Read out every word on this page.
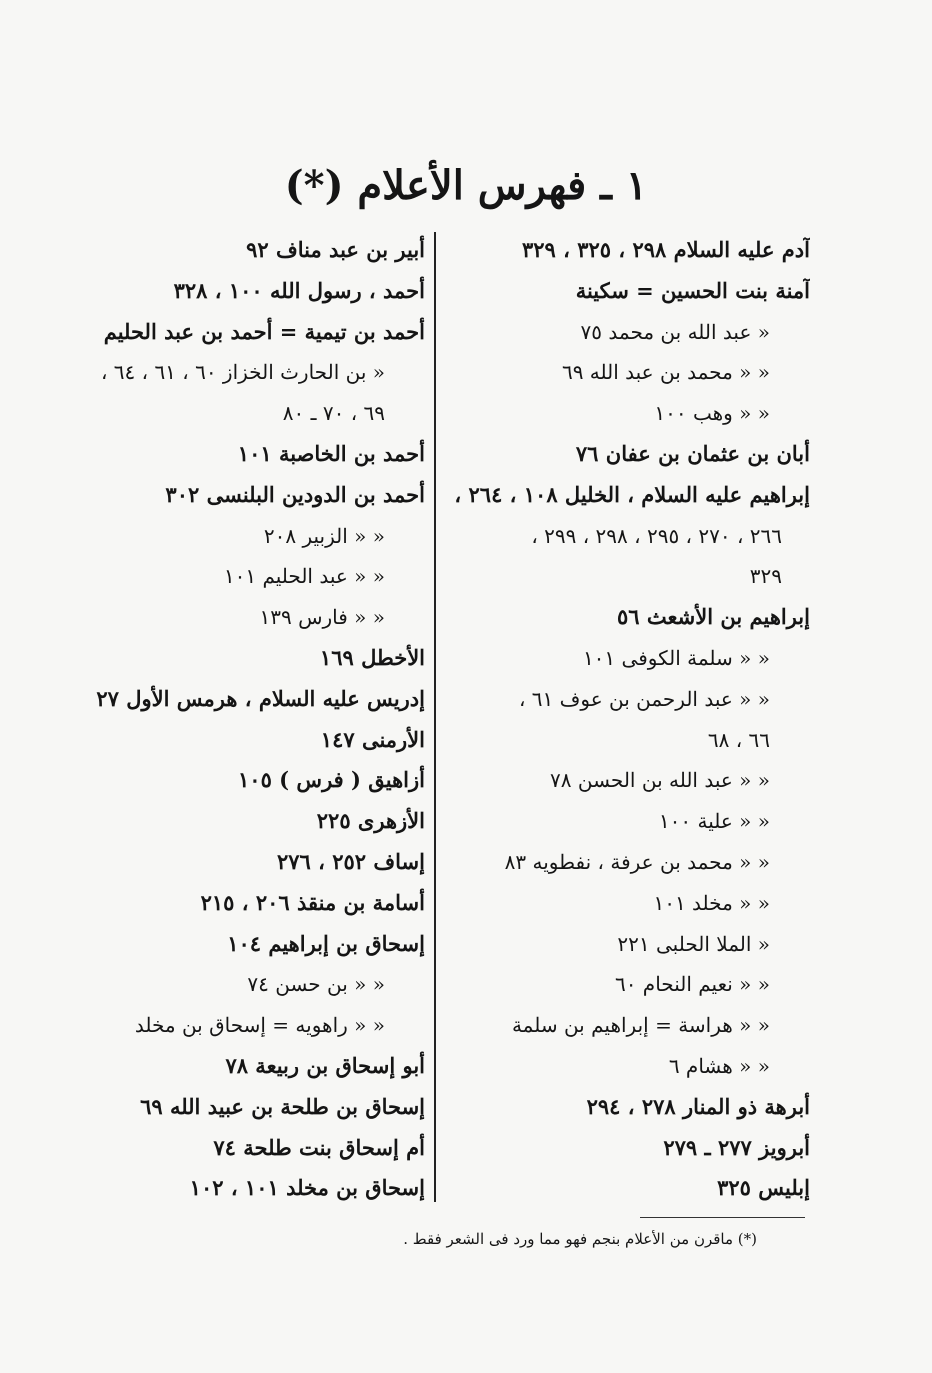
١ ـ فهرس الأعلام (*)
آدم عليه السلام ٢٩٨ ، ٣٢٥ ، ٣٢٩
آمنة بنت الحسين = سكينة
« عبد الله بن محمد ٧٥
« « محمد بن عبد الله ٦٩
« « وهب ١٠٠
أبان بن عثمان بن عفان ٧٦
إبراهيم عليه السلام ، الخليل ١٠٨ ، ٢٦٤ ،
٢٦٦ ، ٢٧٠ ، ٢٩٥ ، ٢٩٨ ، ٢٩٩ ،
٣٢٩
إبراهيم بن الأشعث ٥٦
« « سلمة الكوفى ١٠١
« « عبد الرحمن بن عوف ٦١ ،
٦٦ ، ٦٨
« « عبد الله بن الحسن ٧٨
« « علية ١٠٠
« « محمد بن عرفة ، نفطويه ٨٣
« « مخلد ١٠١
« الملا الحلبى ٢٢١
« « نعيم النحام ٦٠
« « هراسة = إبراهيم بن سلمة
« « هشام ٦
أبرهة ذو المنار ٢٧٨ ، ٢٩٤
أبرويز ٢٧٧ ـ ٢٧٩
إبليس ٣٢٥
أبير بن عبد مناف ٩٢
أحمد ، رسول الله ١٠٠ ، ٣٢٨
أحمد بن تيمية = أحمد بن عبد الحليم
« بن الحارث الخزاز ٦٠ ، ٦١ ، ٦٤ ،
٦٩ ، ٧٠ ـ ٨٠
أحمد بن الخاصبة ١٠١
أحمد بن الدودين البلنسى ٣٠٢
« « الزبير ٢٠٨
« « عبد الحليم ١٠١
« « فارس ١٣٩
الأخطل ١٦٩
إدريس عليه السلام ، هرمس الأول ٢٧
الأرمنى ١٤٧
أزاهيق ( فرس ) ١٠٥
الأزهرى ٢٢٥
إساف ٢٥٢ ، ٢٧٦
أسامة بن منقذ ٢٠٦ ، ٢١٥
إسحاق بن إبراهيم ١٠٤
« « بن حسن ٧٤
« « راهويه = إسحاق بن مخلد
أبو إسحاق بن ربيعة ٧٨
إسحاق بن طلحة بن عبيد الله ٦٩
أم إسحاق بنت طلحة ٧٤
إسحاق بن مخلد ١٠١ ، ١٠٢
(*) ماقرن من الأعلام بنجم فهو مما ورد فى الشعر فقط .
